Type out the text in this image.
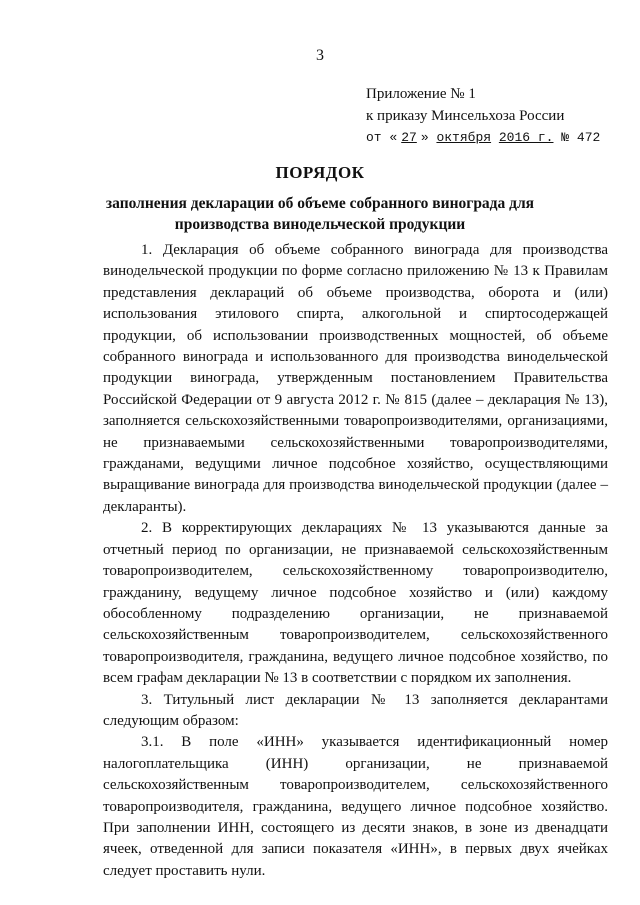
3
Приложение № 1
к приказу Минсельхоза России
от « 27 » октября 2016 г. № 472
ПОРЯДОК
заполнения декларации об объеме собранного винограда для
производства винодельческой продукции

1. Декларация об объеме собранного винограда для производства винодельческой продукции по форме согласно приложению № 13 к Правилам представления деклараций об объеме производства, оборота и (или) использования этилового спирта, алкогольной и спиртосодержащей продукции, об использовании производственных мощностей, об объеме собранного винограда и использованного для производства винодельческой продукции винограда, утвержденным постановлением Правительства Российской Федерации от 9 августа 2012 г. № 815 (далее – декларация № 13), заполняется сельскохозяйственными товаропроизводителями, организациями, не признаваемыми сельскохозяйственными товаропроизводителями, гражданами, ведущими личное подсобное хозяйство, осуществляющими выращивание винограда для производства винодельческой продукции (далее – декларанты).

2. В корректирующих декларациях № 13 указываются данные за отчетный период по организации, не признаваемой сельскохозяйственным товаропроизводителем, сельскохозяйственному товаропроизводителю, гражданину, ведущему личное подсобное хозяйство и (или) каждому обособленному подразделению организации, не признаваемой сельскохозяйственным товаропроизводителем, сельскохозяйственного товаропроизводителя, гражданина, ведущего личное подсобное хозяйство, по всем графам декларации № 13 в соответствии с порядком их заполнения.

3. Титульный лист декларации № 13 заполняется декларантами следующим образом:

3.1. В поле «ИНН» указывается идентификационный номер налогоплательщика (ИНН) организации, не признаваемой сельскохозяйственным товаропроизводителем, сельскохозяйственного товаропроизводителя, гражданина, ведущего личное подсобное хозяйство. При заполнении ИНН, состоящего из десяти знаков, в зоне из двенадцати ячеек, отведенной для записи показателя «ИНН», в первых двух ячейках следует проставить нули.
